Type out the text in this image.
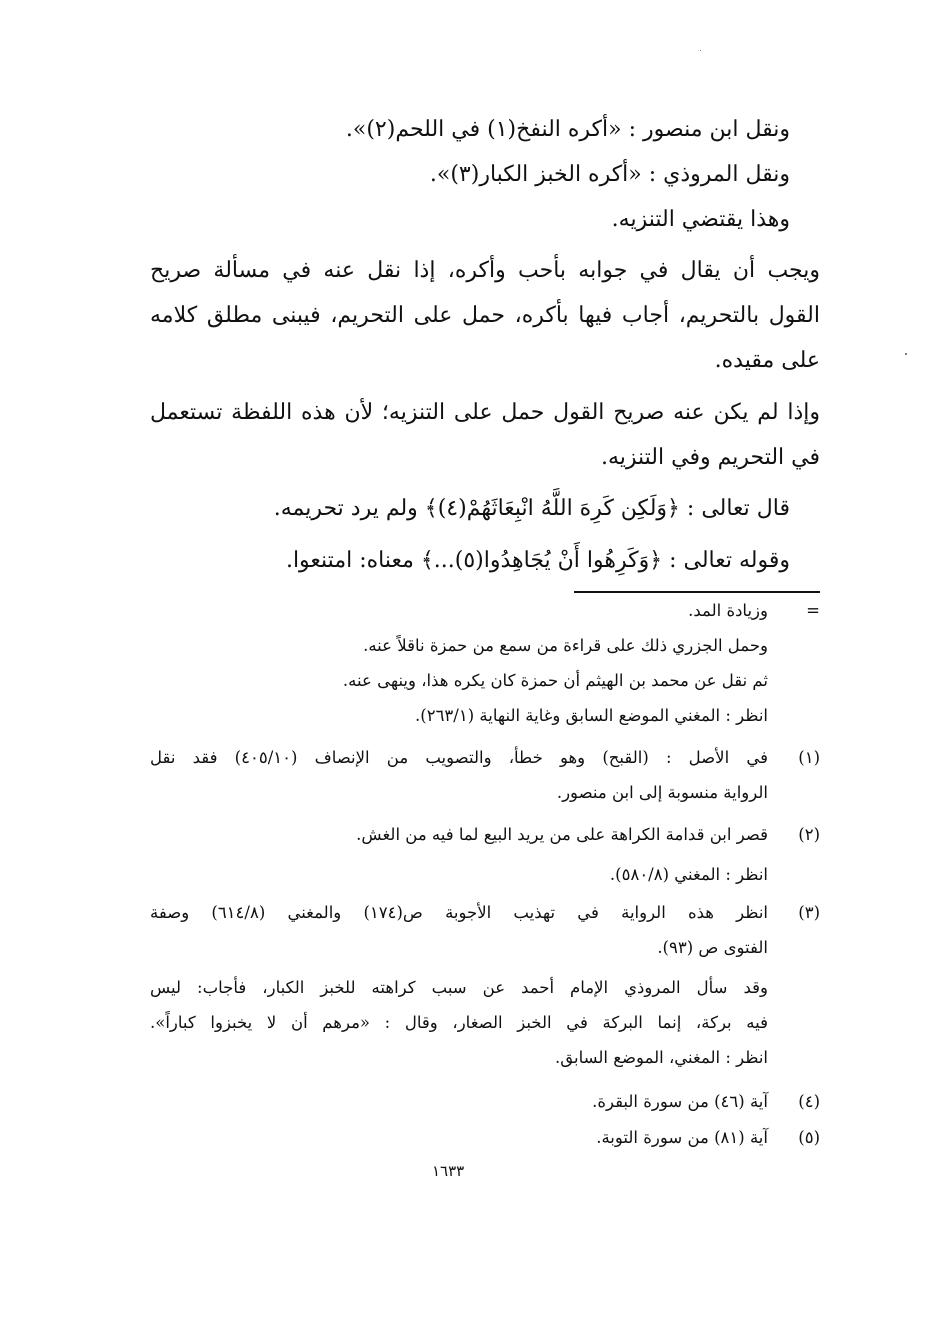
ونقل ابن منصور : «أكره النفخ(١) في اللحم(٢)».
ونقل المروذي : «أكره الخبز الكبار(٣)».
وهذا يقتضي التنزيه.
ويجب أن يقال في جوابه بأحب وأكره، إذا نقل عنه في مسألة صريح
القول بالتحريم، أجاب فيها بأكره، حمل على التحريم، فيبنى مطلق كلامه
على مقيده.
وإذا لم يكن عنه صريح القول حمل على التنزيه؛ لأن هذه اللفظة تستعمل
في التحريم وفي التنزيه.
قال تعالى : ﴿وَلَكِن كَرِهَ اللَّهُ انْبِعَاثَهُمْ(٤)﴾ ولم يرد تحريمه.
وقوله تعالى : ﴿وَكَرِهُوا أَنْ يُجَاهِدُوا(٥)...﴾ معناه: امتنعوا.
=
وزيادة المد.
وحمل الجزري ذلك على قراءة من سمع من حمزة ناقلاً عنه.
ثم نقل عن محمد بن الهيثم أن حمزة كان يكره هذا، وينهى عنه.
انظر : المغني الموضع السابق وغاية النهاية (٢٦٣/١).
(١)
في الأصل : (القبح) وهو خطأ، والتصويب من الإنصاف (٤٠٥/١٠) فقد نقل
الرواية منسوبة إلى ابن منصور.
(٢)
قصر ابن قدامة الكراهة على من يريد البيع لما فيه من الغش.
انظر : المغني (٥٨٠/٨).
(٣)
انظر هذه الرواية في تهذيب الأجوبة ص(١٧٤) والمغني (٦١٤/٨) وصفة
الفتوى ص (٩٣).
وقد سأل المروذي الإمام أحمد عن سبب كراهته للخبز الكبار، فأجاب: ليس
فيه بركة، إنما البركة في الخبز الصغار، وقال : «مرهم أن لا يخبزوا كباراً».
انظر : المغني، الموضع السابق.
(٤)
آية (٤٦) من سورة البقرة.
(٥)
آية (٨١) من سورة التوبة.
١٦٣٣
